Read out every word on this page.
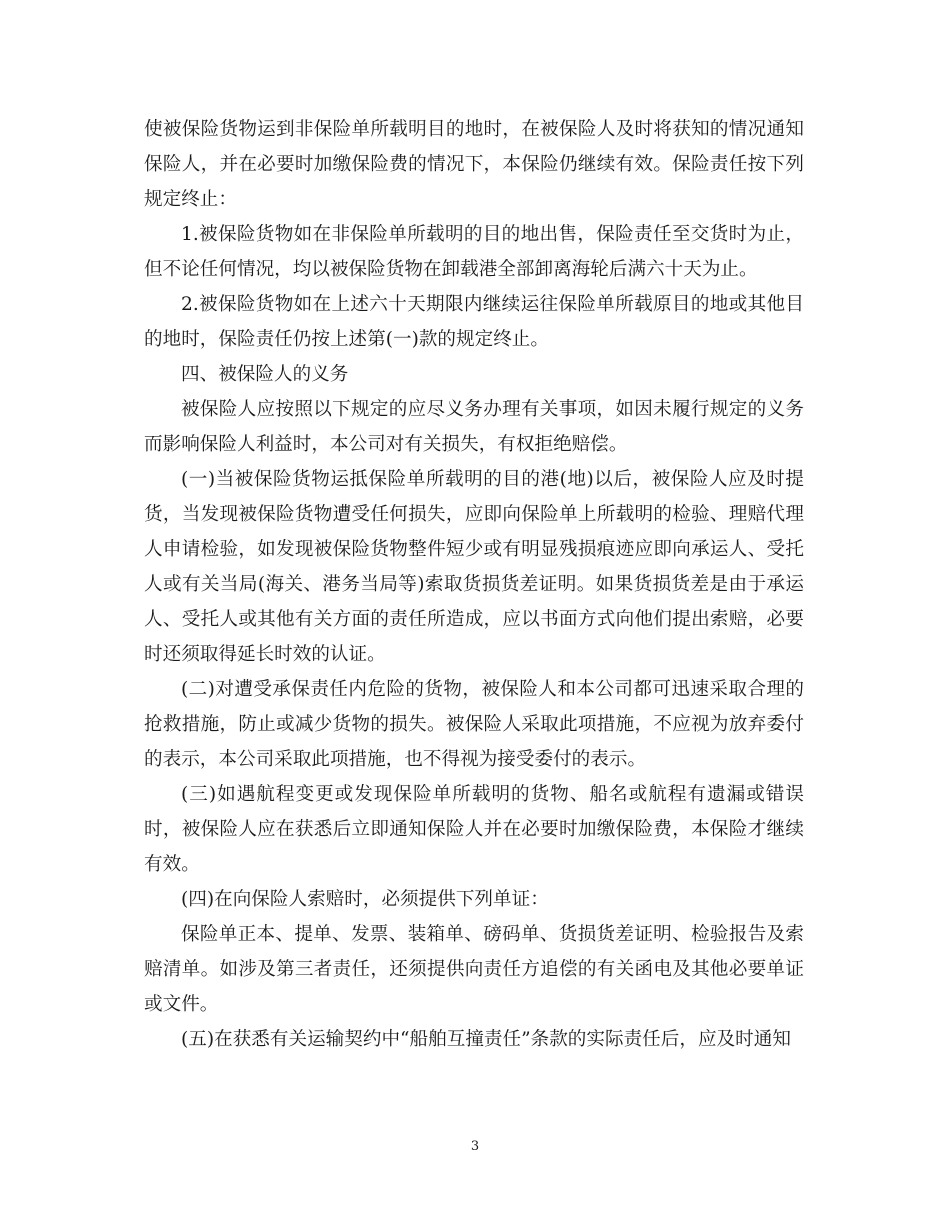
使被保险货物运到非保险单所载明目的地时，在被保险人及时将获知的情况通知保险人，并在必要时加缴保险费的情况下，本保险仍继续有效。保险责任按下列规定终止：

1.被保险货物如在非保险单所载明的目的地出售，保险责任至交货时为止，但不论任何情况，均以被保险货物在卸载港全部卸离海轮后满六十天为止。

2.被保险货物如在上述六十天期限内继续运往保险单所载原目的地或其他目的地时，保险责任仍按上述第(一)款的规定终止。

四、被保险人的义务

被保险人应按照以下规定的应尽义务办理有关事项，如因未履行规定的义务而影响保险人利益时，本公司对有关损失，有权拒绝赔偿。

(一)当被保险货物运抵保险单所载明的目的港(地)以后，被保险人应及时提货，当发现被保险货物遭受任何损失，应即向保险单上所载明的检验、理赔代理人申请检验，如发现被保险货物整件短少或有明显残损痕迹应即向承运人、受托人或有关当局(海关、港务当局等)索取货损货差证明。如果货损货差是由于承运人、受托人或其他有关方面的责任所造成，应以书面方式向他们提出索赔，必要时还须取得延长时效的认证。

(二)对遭受承保责任内危险的货物，被保险人和本公司都可迅速采取合理的抢救措施，防止或减少货物的损失。被保险人采取此项措施，不应视为放弃委付的表示，本公司采取此项措施，也不得视为接受委付的表示。

(三)如遇航程变更或发现保险单所载明的货物、船名或航程有遗漏或错误时，被保险人应在获悉后立即通知保险人并在必要时加缴保险费，本保险才继续有效。

(四)在向保险人索赔时，必须提供下列单证：

保险单正本、提单、发票、装箱单、磅码单、货损货差证明、检验报告及索赔清单。如涉及第三者责任，还须提供向责任方追偿的有关函电及其他必要单证或文件。

(五)在获悉有关运输契约中“船舶互撞责任”条款的实际责任后，应及时通知

3
